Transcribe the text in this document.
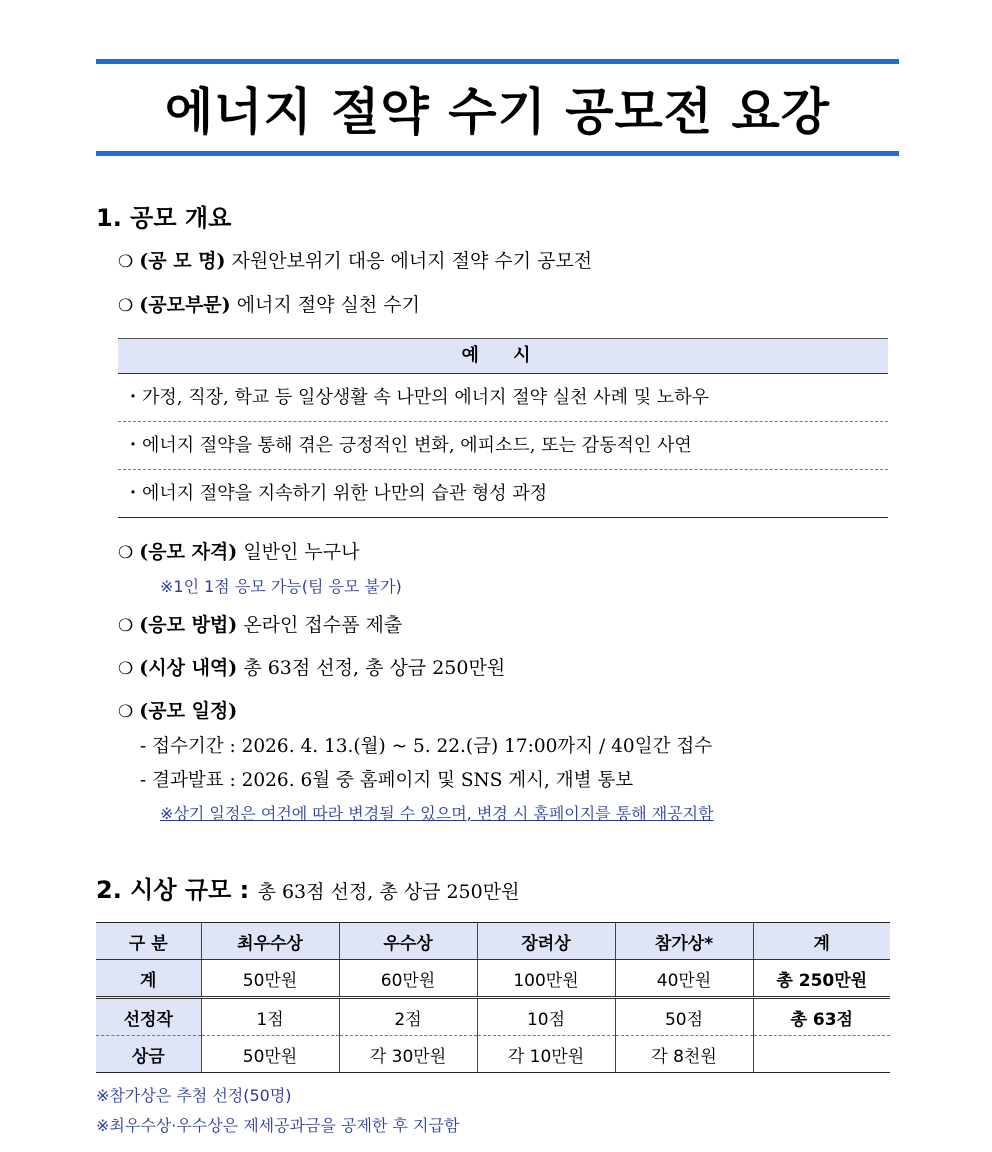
에너지 절약 수기 공모전 요강
1. 공모 개요
❍ (공 모 명) 자원안보위기 대응 에너지 절약 수기 공모전
❍ (공모부문) 에너지 절약 실천 수기
예 시
・가정, 직장, 학교 등 일상생활 속 나만의 에너지 절약 실천 사례 및 노하우
・에너지 절약을 통해 겪은 긍정적인 변화, 에피소드, 또는 감동적인 사연
・에너지 절약을 지속하기 위한 나만의 습관 형성 과정
❍ (응모 자격) 일반인 누구나
※1인 1점 응모 가능(팀 응모 불가)
❍ (응모 방법) 온라인 접수폼 제출
❍ (시상 내역) 총 63점 선정, 총 상금 250만원
❍ (공모 일정)
- 접수기간 : 2026. 4. 13.(월) ~ 5. 22.(금) 17:00까지 / 40일간 접수
- 결과발표 : 2026. 6월 중 홈페이지 및 SNS 게시, 개별 통보
※상기 일정은 여건에 따라 변경될 수 있으며, 변경 시 홈페이지를 통해 재공지함
2. 시상 규모 : 총 63점 선정, 총 상금 250만원
구 분	최우수상	우수상	장려상	참가상*	계
계	50만원	60만원	100만원	40만원	총 250만원
선정작	1점	2점	10점	50점	총 63점
상금	50만원	각 30만원	각 10만원	각 8천원	
※참가상은 추첨 선정(50명)
※최우수상·우수상은 제세공과금을 공제한 후 지급함
